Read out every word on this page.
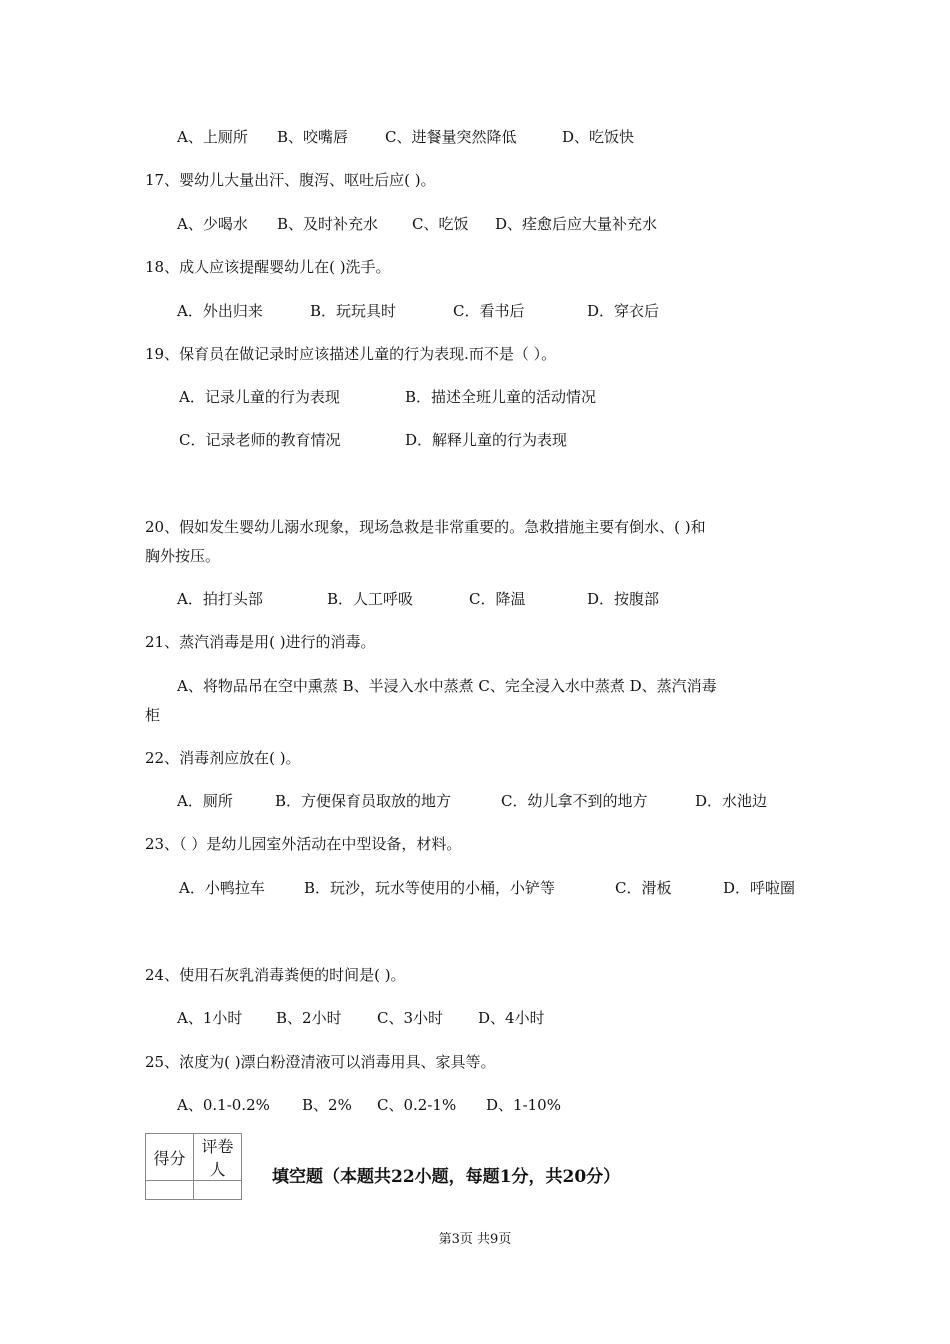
A、上厕所 B、咬嘴唇 C、进餐量突然降低	D、吃饭快
17、婴幼儿大量出汗、腹泻、呕吐后应( )。
A、少喝水 B、及时补充水 C、吃饭 D、痊愈后应大量补充水
18、成人应该提醒婴幼儿在( )洗手。
A．外出归来	B．玩玩具时	C．看书后	D．穿衣后
19、保育员在做记录时应该描述儿童的行为表现.而不是（ ）。
A．记录儿童的行为表现	B．描述全班儿童的活动情况
C．记录老师的教育情况	D．解释儿童的行为表现
20、假如发生婴幼儿溺水现象，现场急救是非常重要的。急救措施主要有倒水、( )和
胸外按压。
A．拍打头部	B．人工呼吸	C．降温	D．按腹部
21、蒸汽消毒是用( )进行的消毒。
A、将物品吊在空中熏蒸 B、半浸入水中蒸煮 C、完全浸入水中蒸煮 D、蒸汽消毒
柜
22、消毒剂应放在( )。
A．厕所	B．方便保育员取放的地方	C．幼儿拿不到的地方	D．水池边
23、（ ）是幼儿园室外活动在中型设备，材料。
A．小鸭拉车	B．玩沙，玩水等使用的小桶，小铲等	C．滑板	D．呼啦圈
24、使用石灰乳消毒粪便的时间是( )。
A、1小时 B、2小时 C、3小时 D、4小时
25、浓度为( )漂白粉澄清液可以消毒用具、家具等。
A、0.1-0.2% B、2% C、0.2-1% D、1-10%
得分	评卷人
		填空题（本题共22小题，每题1分，共20分）
第3页 共9页
